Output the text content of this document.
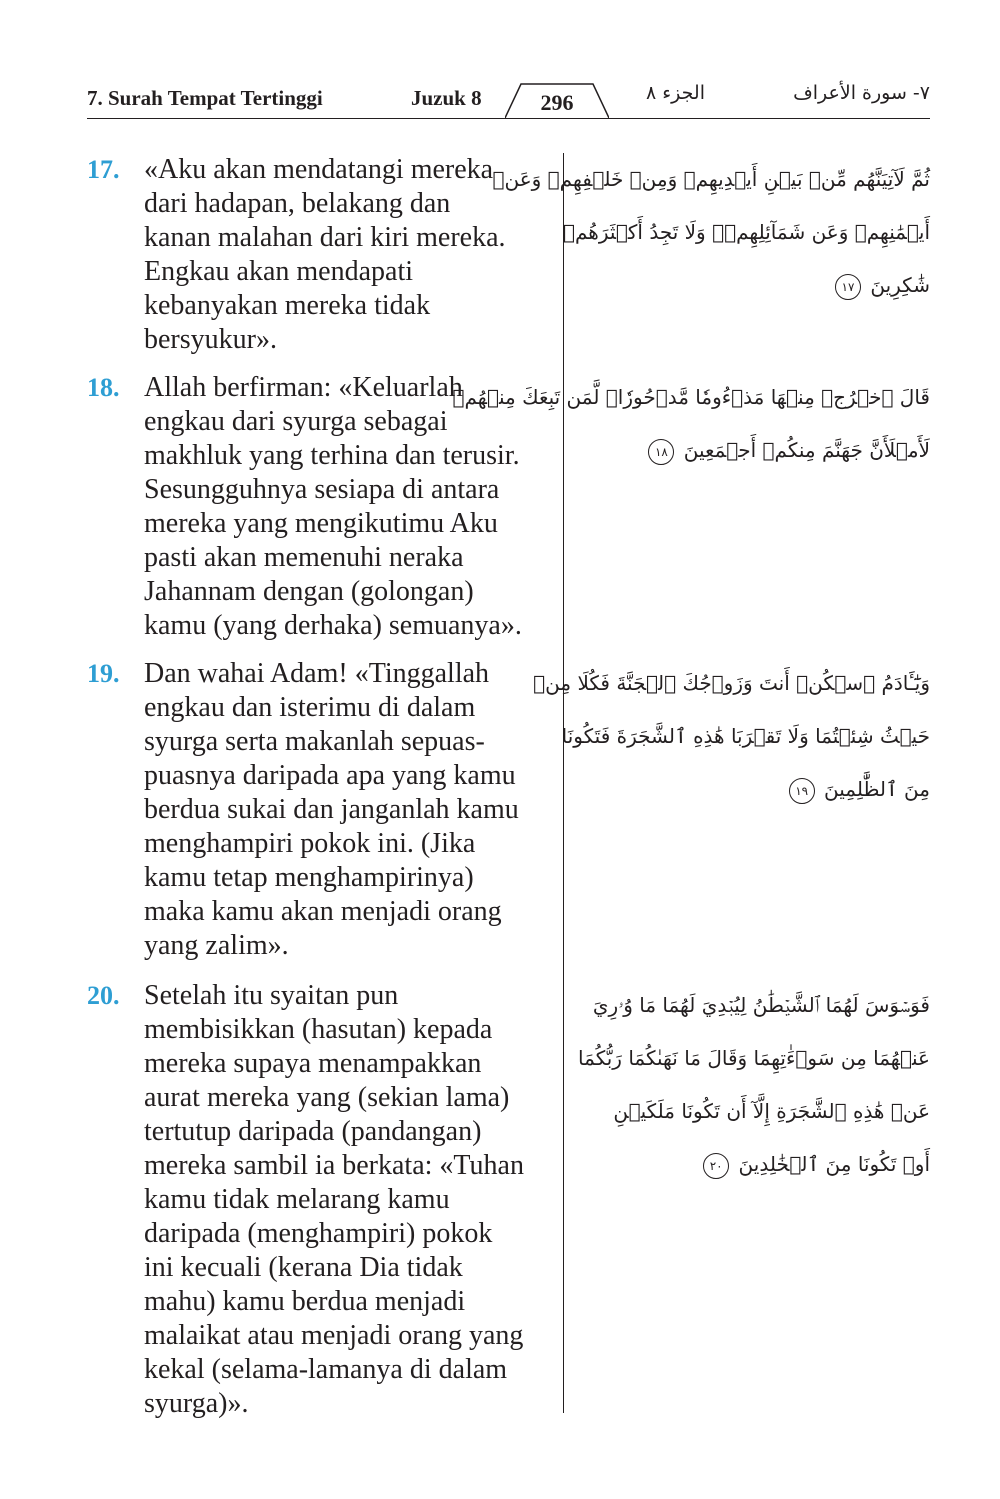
7. Surah Tempat Tertinggi	Juzuk 8	296	الجزء ٨	٧- سورة الأعراف
17. «Aku akan mendatangi mereka
dari hadapan, belakang dan
kanan malahan dari kiri mereka.
Engkau akan mendapati
kebanyakan mereka tidak
bersyukur».
ثُمَّ لَآتِيَنَّهُم مِّنۢ بَيۡنِ أَيۡدِيهِمۡ وَمِنۡ خَلۡفِهِمۡ وَعَنۡ
أَيۡمَٰنِهِمۡ وَعَن شَمَآئِلِهِمۡۖ وَلَا تَجِدُ أَكۡثَرَهُمۡ
شَٰكِرِينَ ١٧
18. Allah berfirman: «Keluarlah
engkau dari syurga sebagai
makhluk yang terhina dan terusir.
Sesungguhnya sesiapa di antara
mereka yang mengikutimu Aku
pasti akan memenuhi neraka
Jahannam dengan (golongan)
kamu (yang derhaka) semuanya».
قَالَ ٱخۡرُجۡ مِنۡهَا مَذۡءُومٗا مَّدۡحُورٗاۖ لَّمَن تَبِعَكَ مِنۡهُمۡ
لَأَمۡلَأَنَّ جَهَنَّمَ مِنكُمۡ أَجۡمَعِينَ ١٨
19. Dan wahai Adam! «Tinggallah
engkau dan isterimu di dalam
syurga serta makanlah sepuas-
puasnya daripada apa yang kamu
berdua sukai dan janganlah kamu
menghampiri pokok ini. (Jika
kamu tetap menghampirinya)
maka kamu akan menjadi orang
yang zalim».
وَيَٰٓـَٔادَمُ ٱسۡكُنۡ أَنتَ وَزَوۡجُكَ ٱلۡجَنَّةَ فَكُلَا مِنۡ
حَيۡثُ شِئۡتُمَا وَلَا تَقۡرَبَا هَٰذِهِ ٱلشَّجَرَةَ فَتَكُونَا
مِنَ ٱلظَّٰلِمِينَ ١٩
20. Setelah itu syaitan pun
membisikkan (hasutan) kepada
mereka supaya menampakkan
aurat mereka yang (sekian lama)
tertutup daripada (pandangan)
mereka sambil ia berkata: «Tuhan
kamu tidak melarang kamu
daripada (menghampiri) pokok
ini kecuali (kerana Dia tidak
mahu) kamu berdua menjadi
malaikat atau menjadi orang yang
kekal (selama-lamanya di dalam
syurga)».
فَوَسۡوَسَ لَهُمَا ٱلشَّيۡطَٰنُ لِيُبۡدِيَ لَهُمَا مَا وُۥرِيَ
عَنۡهُمَا مِن سَوۡءَٰتِهِمَا وَقَالَ مَا نَهَىٰكُمَا رَبُّكُمَا
عَنۡ هَٰذِهِ ٱلشَّجَرَةِ إِلَّآ أَن تَكُونَا مَلَكَيۡنِ
أَوۡ تَكُونَا مِنَ ٱلۡخَٰلِدِينَ ٢٠
